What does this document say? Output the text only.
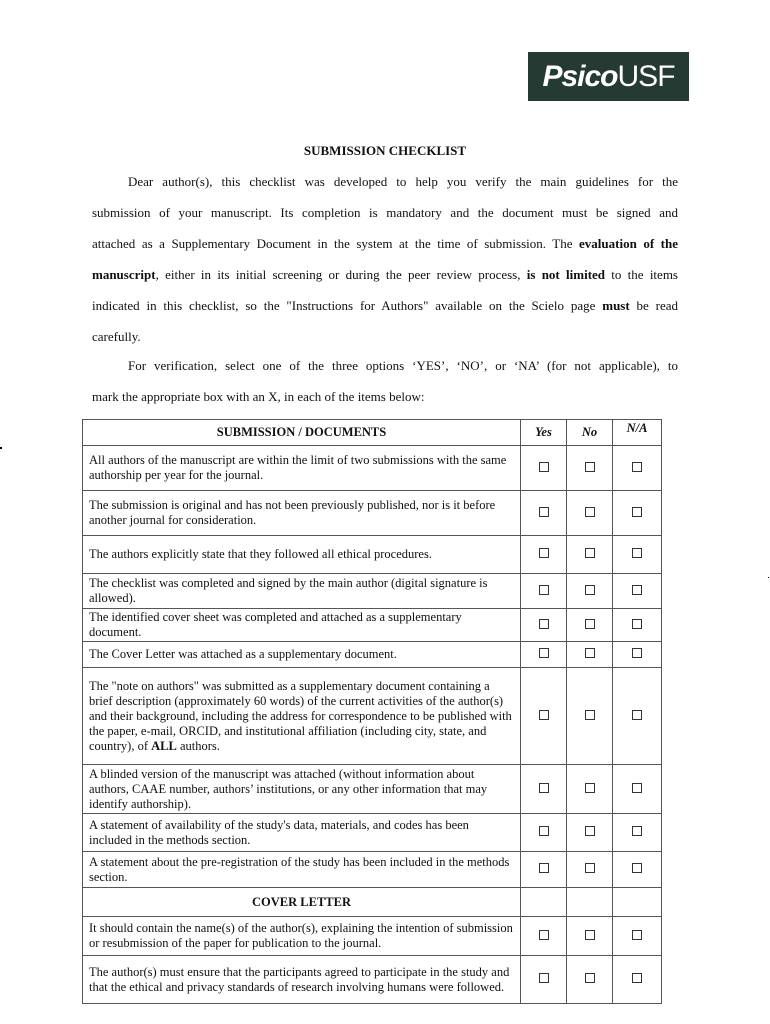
Psico USF
SUBMISSION CHECKLIST
Dear author(s), this checklist was developed to help you verify the main guidelines for the
submission of your manuscript. Its completion is mandatory and the document must be signed and
attached as a Supplementary Document in the system at the time of submission. The evaluation of the
manuscript, either in its initial screening or during the peer review process, is not limited to the items
indicated in this checklist, so the "Instructions for Authors" available on the Scielo page must be read
carefully.
For verification, select one of the three options ‘YES’, ‘NO’, or ‘NA’ (for not applicable), to
mark the appropriate box with an X, in each of the items below:
SUBMISSION / DOCUMENTS	Yes	No	N/A
All authors of the manuscript are within the limit of two submissions with the same authorship per year for the journal.			
The submission is original and has not been previously published, nor is it before another journal for consideration.			
The authors explicitly state that they followed all ethical procedures.			
The checklist was completed and signed by the main author (digital signature is allowed).			
The identified cover sheet was completed and attached as a supplementary document.			
The Cover Letter was attached as a supplementary document.			
The "note on authors" was submitted as a supplementary document containing a brief description (approximately 60 words) of the current activities of the author(s) and their background, including the address for correspondence to be published with the paper, e-mail, ORCID, and institutional affiliation (including city, state, and country), of ALL authors.			
A blinded version of the manuscript was attached (without information about authors, CAAE number, authors’ institutions, or any other information that may identify authorship).			
A statement of availability of the study's data, materials, and codes has been included in the methods section.			
A statement about the pre-registration of the study has been included in the methods section.			
COVER LETTER			
It should contain the name(s) of the author(s), explaining the intention of submission or resubmission of the paper for publication to the journal.			
The author(s) must ensure that the participants agreed to participate in the study and that the ethical and privacy standards of research involving humans were followed.			
